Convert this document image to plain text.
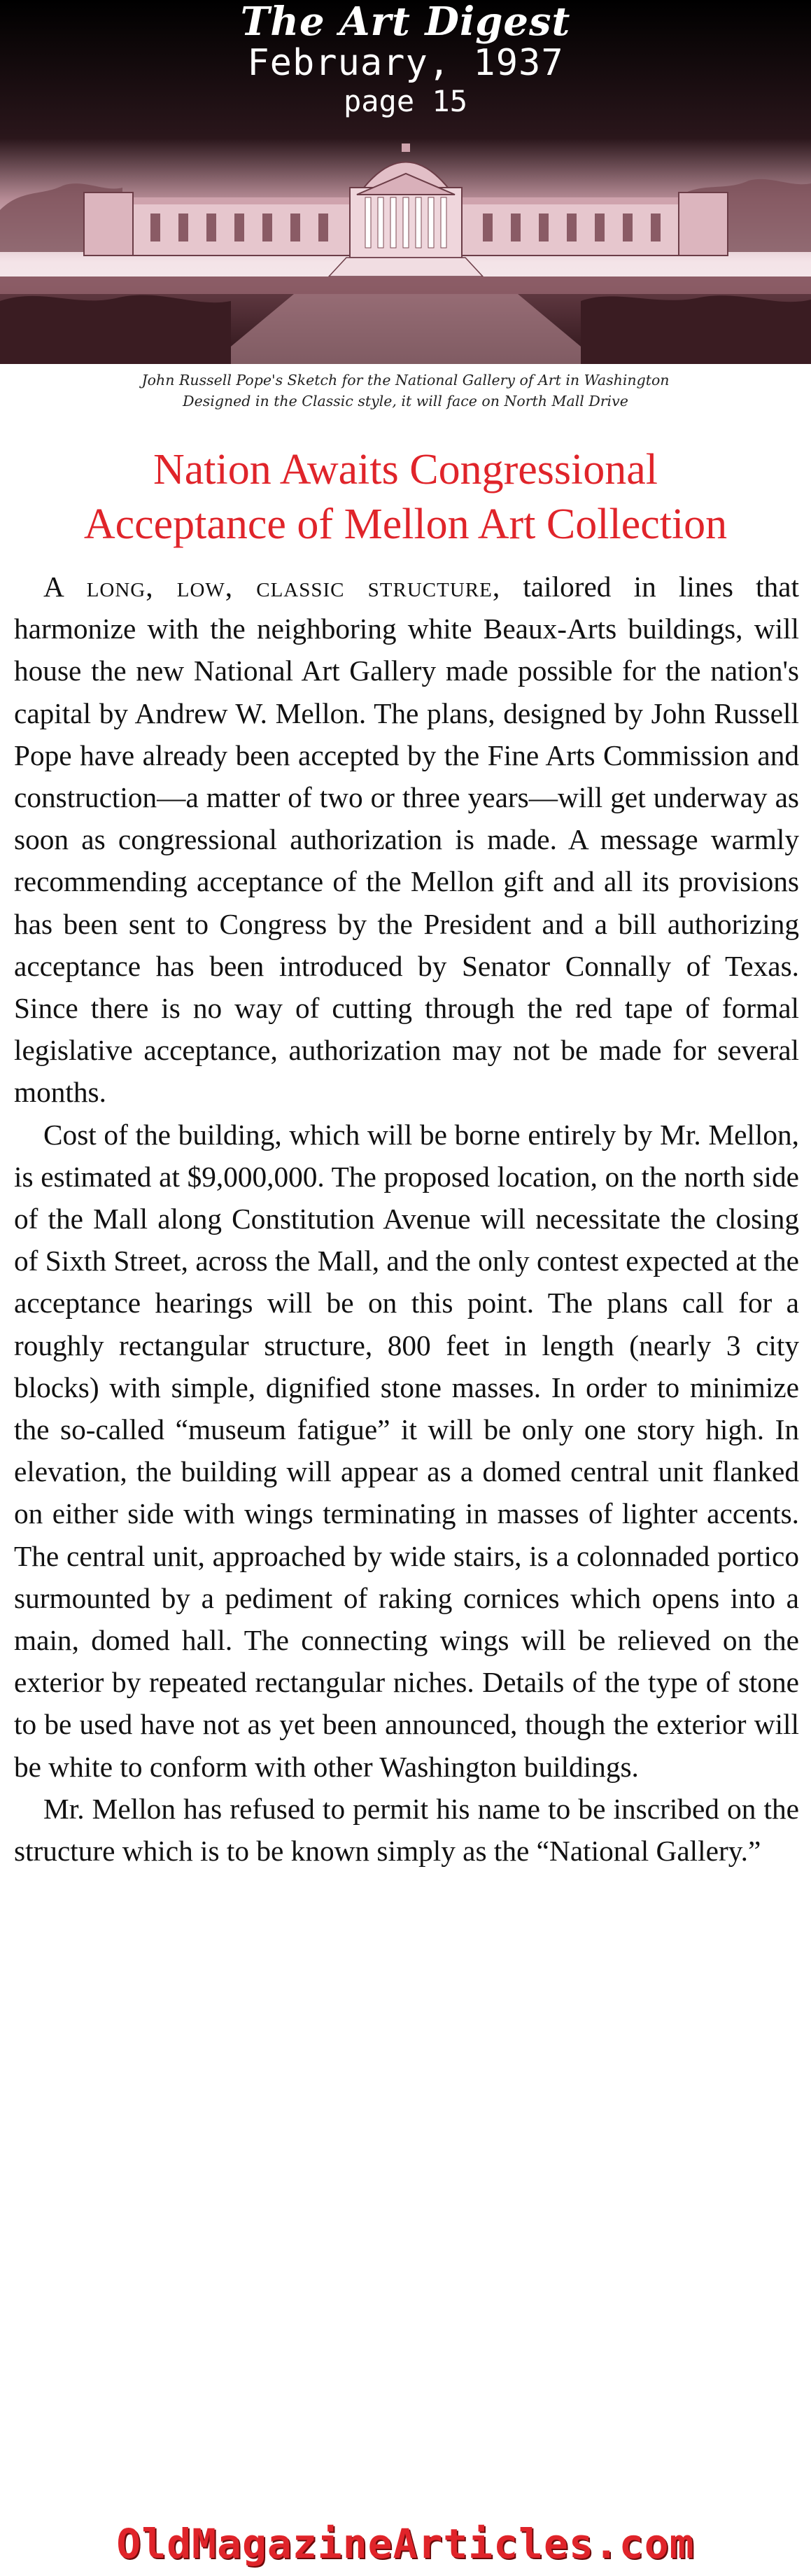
The Art Digest
February, 1937
page 15
John Russell Pope's Sketch for the National Gallery of Art in Washington
Designed in the Classic style, it will face on North Mall Drive
Nation Awaits Congressional
Acceptance of Mellon Art Collection

A long, low, classic structure, tailored in lines that harmonize with the neighboring white Beaux-Arts buildings, will house the new National Art Gallery made possible for the nation's capital by Andrew W. Mellon. The plans, designed by John Russell Pope have already been accepted by the Fine Arts Commission and construction—a matter of two or three years—will get underway as soon as congressional authorization is made. A message warmly recommending acceptance of the Mellon gift and all its provisions has been sent to Congress by the President and a bill authorizing acceptance has been introduced by Senator Connally of Texas. Since there is no way of cutting through the red tape of formal legislative acceptance, authorization may not be made for several months.

Cost of the building, which will be borne entirely by Mr. Mellon, is estimated at $9,000,000. The proposed location, on the north side of the Mall along Constitution Avenue will necessitate the closing of Sixth Street, across the Mall, and the only contest expected at the acceptance hearings will be on this point. The plans call for a roughly rectangular structure, 800 feet in length (nearly 3 city blocks) with simple, dignified stone masses. In order to minimize the so-called “museum fatigue” it will be only one story high. In elevation, the building will appear as a domed central unit flanked on either side with wings terminating in masses of lighter accents. The central unit, approached by wide stairs, is a colonnaded portico surmounted by a pediment of raking cornices which opens into a main, domed hall. The connecting wings will be relieved on the exterior by repeated rectangular niches. Details of the type of stone to be used have not as yet been announced, though the exterior will be white to conform with other Washington buildings.

Mr. Mellon has refused to permit his name to be inscribed on the structure which is to be known simply as the “National Gallery.”

OldMagazineArticles.com
